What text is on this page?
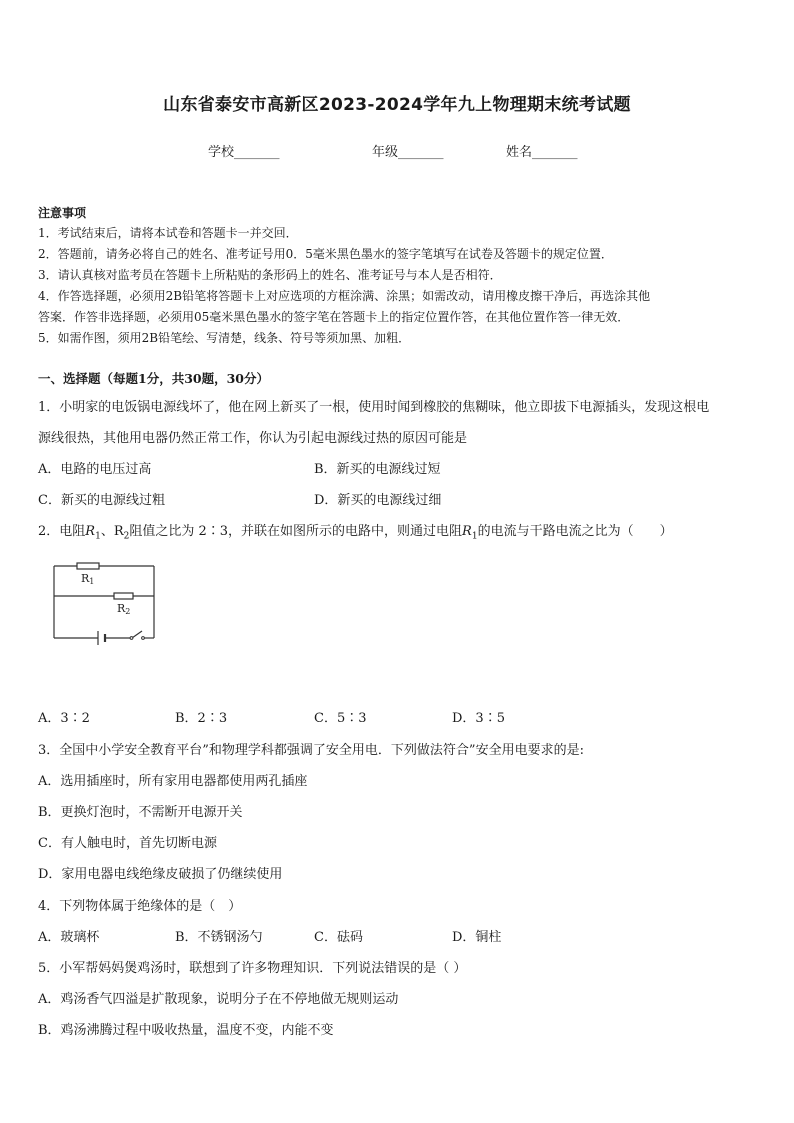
山东省泰安市高新区2023-2024学年九上物理期末统考试题
学校_______	年级_______	姓名_______
注意事项
1．考试结束后，请将本试卷和答题卡一并交回．
2．答题前，请务必将自己的姓名、准考证号用0．5毫米黑色墨水的签字笔填写在试卷及答题卡的规定位置．
3．请认真核对监考员在答题卡上所粘贴的条形码上的姓名、准考证号与本人是否相符．
4．作答选择题，必须用2B铅笔将答题卡上对应选项的方框涂满、涂黑；如需改动，请用橡皮擦干净后，再选涂其他
答案．作答非选择题，必须用05毫米黑色墨水的签字笔在答题卡上的指定位置作答，在其他位置作答一律无效．
5．如需作图，须用2B铅笔绘、写清楚，线条、符号等须加黑、加粗．
一、选择题（每题1分，共30题，30分）
1．小明家的电饭锅电源线坏了，他在网上新买了一根，使用时闻到橡胶的焦糊味，他立即拔下电源插头，发现这根电
源线很热，其他用电器仍然正常工作，你认为引起电源线过热的原因可能是
A．电路的电压过高	B．新买的电源线过短
C．新买的电源线过粗	D．新买的电源线过细
2．电阻$R_1$、$R_2$阻值之比为 2∶3，并联在如图所示的电路中，则通过电阻$R_1$的电流与干路电流之比为（　　）
R1
R2
A．3∶2	B．2∶3	C．5∶3	D．3∶5
3．全国中小学安全教育平台”和物理学科都强调了安全用电．下列做法符合”安全用电要求的是:
A．选用插座时，所有家用电器都使用两孔插座
B．更换灯泡时，不需断开电源开关
C．有人触电时，首先切断电源
D．家用电器电线绝缘皮破损了仍继续使用
4．下列物体属于绝缘体的是（　）
A．玻璃杯	B．不锈钢汤勺	C．砝码	D．铜柱
5．小军帮妈妈煲鸡汤时，联想到了许多物理知识．下列说法错误的是（ ）
A．鸡汤香气四溢是扩散现象，说明分子在不停地做无规则运动
B．鸡汤沸腾过程中吸收热量，温度不变，内能不变
